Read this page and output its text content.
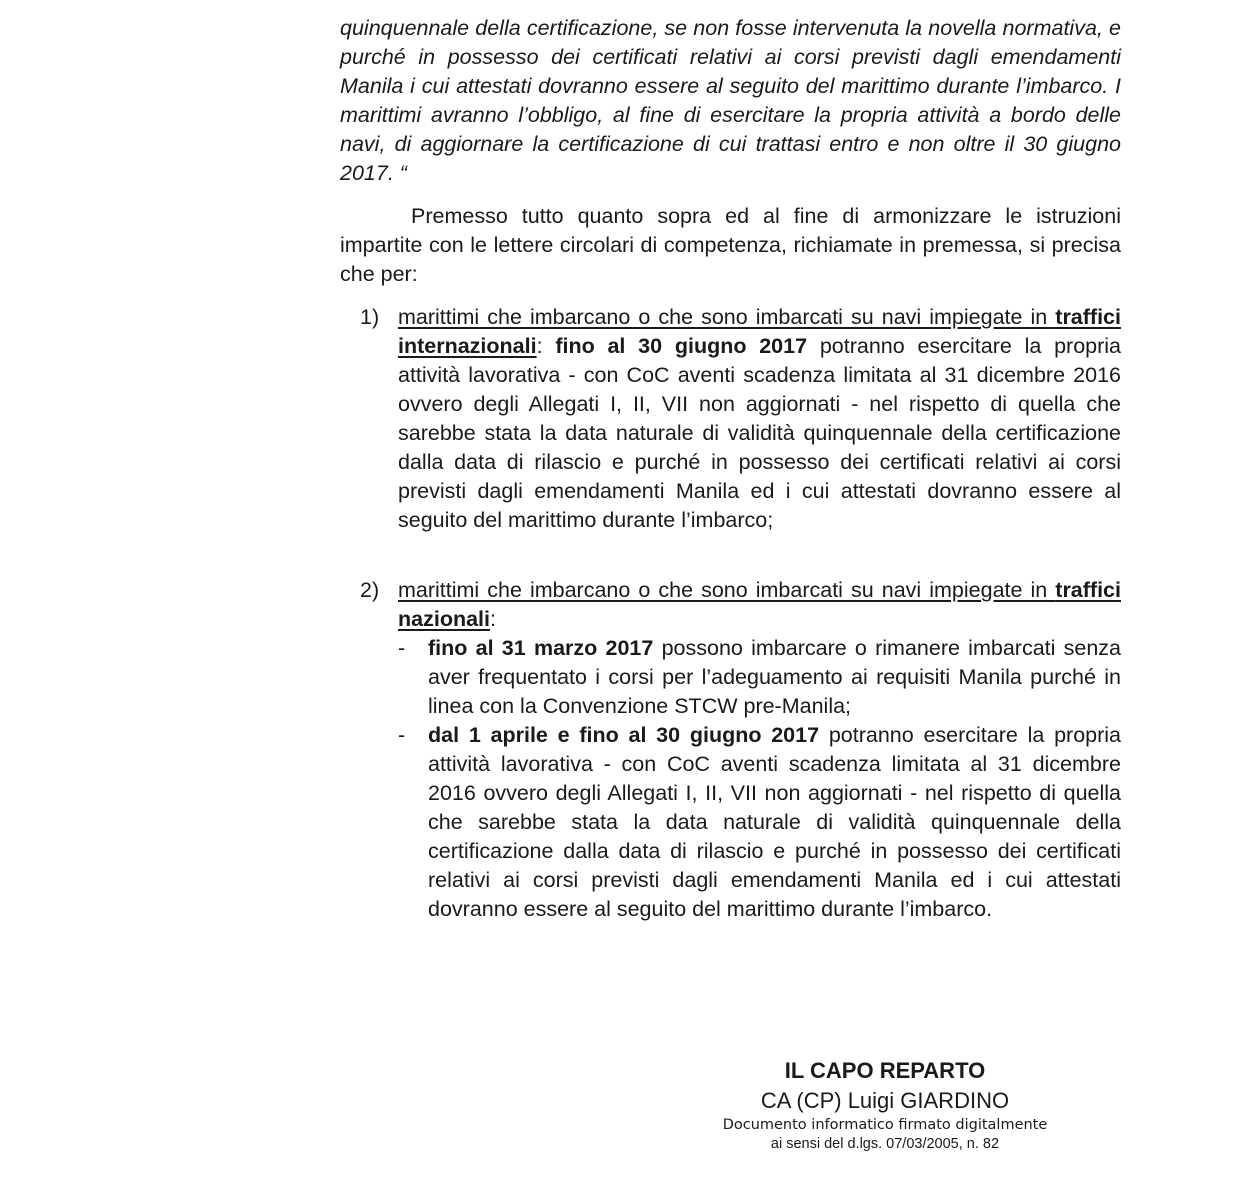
quinquennale della certificazione, se non fosse intervenuta la novella normativa, e purché in possesso dei certificati relativi ai corsi previsti dagli emendamenti Manila i cui attestati dovranno essere al seguito del marittimo durante l’imbarco. I marittimi avranno l’obbligo, al fine di esercitare la propria attività a bordo delle navi, di aggiornare la certificazione di cui trattasi entro e non oltre il 30 giugno 2017. “

Premesso tutto quanto sopra ed al fine di armonizzare le istruzioni impartite con le lettere circolari di competenza, richiamate in premessa, si precisa che per:

1) marittimi che imbarcano o che sono imbarcati su navi impiegate in traffici internazionali: fino al 30 giugno 2017 potranno esercitare la propria attività lavorativa - con CoC aventi scadenza limitata al 31 dicembre 2016 ovvero degli Allegati I, II, VII non aggiornati - nel rispetto di quella che sarebbe stata la data naturale di validità quinquennale della certificazione dalla data di rilascio e purché in possesso dei certificati relativi ai corsi previsti dagli emendamenti Manila ed i cui attestati dovranno essere al seguito del marittimo durante l’imbarco;
2) marittimi che imbarcano o che sono imbarcati su navi impiegate in traffici nazionali:
- fino al 31 marzo 2017 possono imbarcare o rimanere imbarcati senza aver frequentato i corsi per l’adeguamento ai requisiti Manila purché in linea con la Convenzione STCW pre-Manila;
- dal 1 aprile e fino al 30 giugno 2017 potranno esercitare la propria attività lavorativa - con CoC aventi scadenza limitata al 31 dicembre 2016 ovvero degli Allegati I, II, VII non aggiornati - nel rispetto di quella che sarebbe stata la data naturale di validità quinquennale della certificazione dalla data di rilascio e purché in possesso dei certificati relativi ai corsi previsti dagli emendamenti Manila ed i cui attestati dovranno essere al seguito del marittimo durante l’imbarco.
IL CAPO REPARTO
CA (CP) Luigi GIARDINO
Documento informatico firmato digitalmente
ai sensi del d.lgs. 07/03/2005, n. 82
